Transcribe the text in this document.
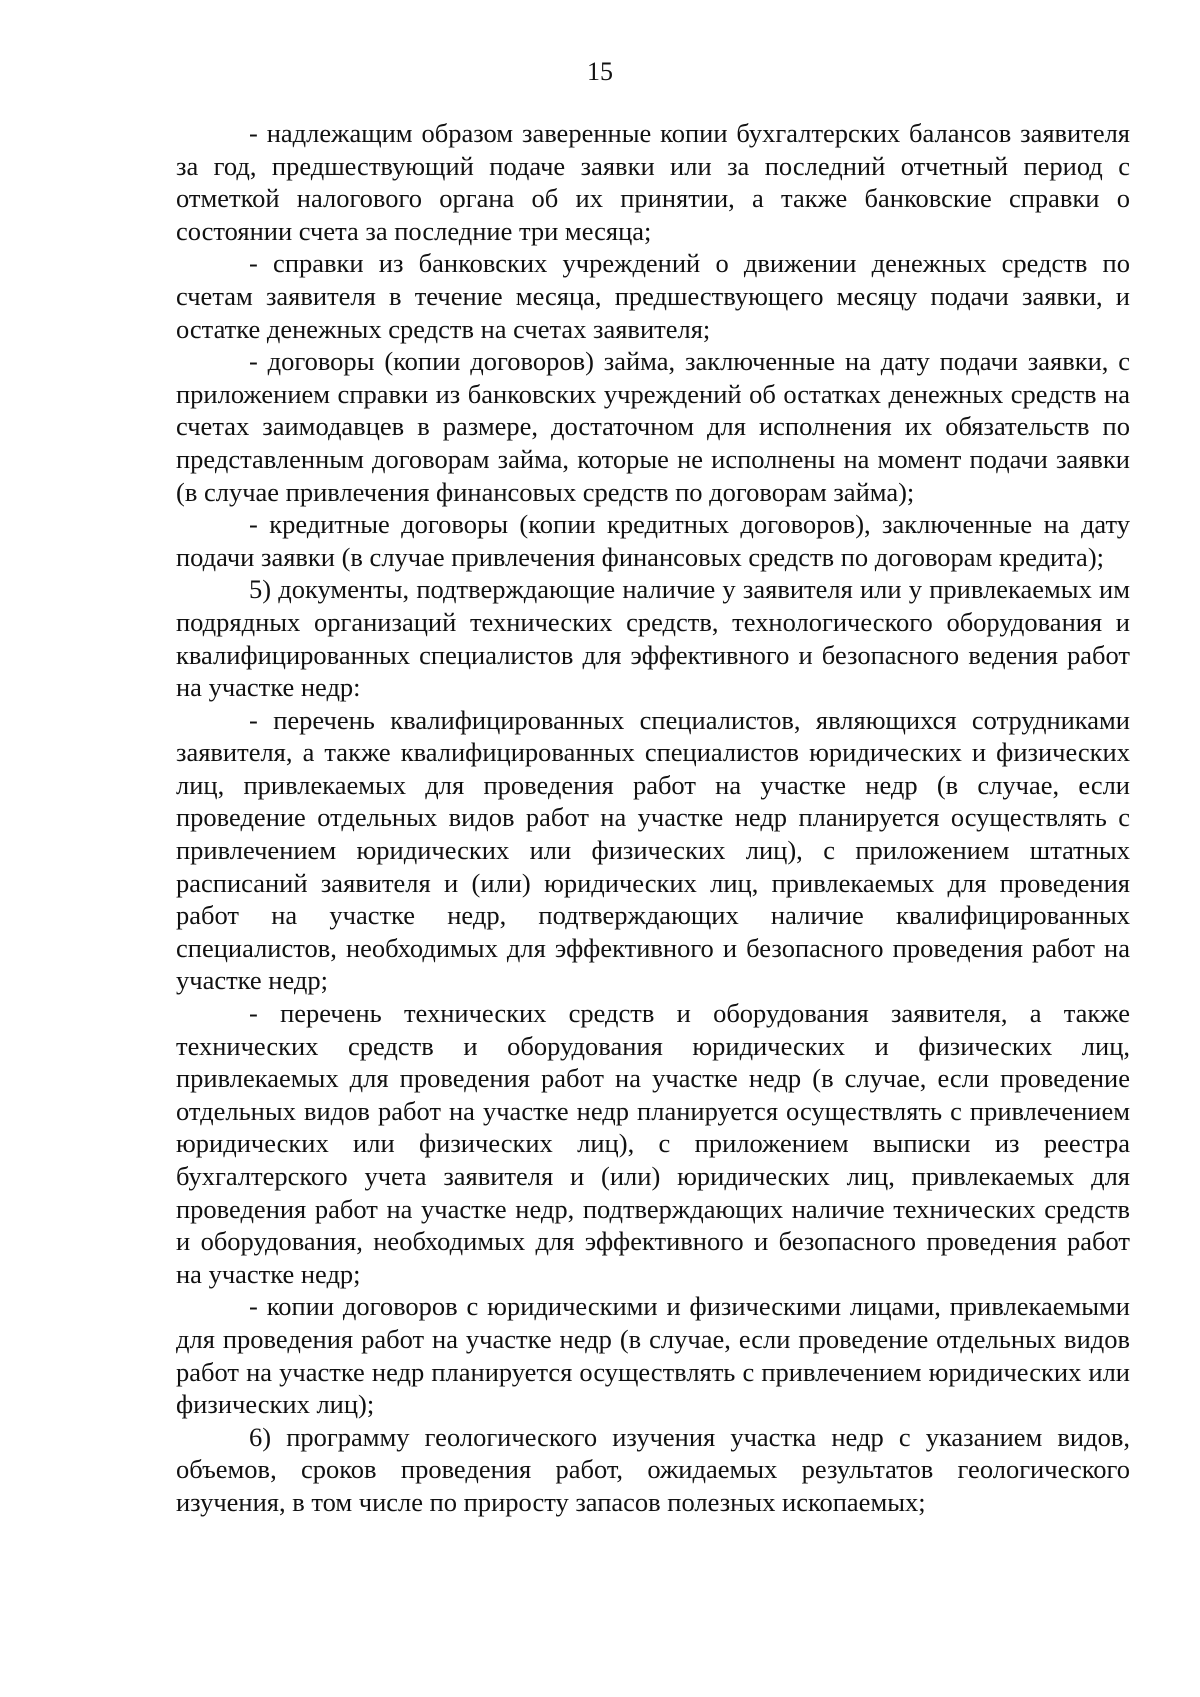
15

- надлежащим образом заверенные копии бухгалтерских балансов заявителя за год, предшествующий подаче заявки или за последний отчетный период с отметкой налогового органа об их принятии, а также банковские справки о состоянии счета за последние три месяца;

- справки из банковских учреждений о движении денежных средств по счетам заявителя в течение месяца, предшествующего месяцу подачи заявки, и остатке денежных средств на счетах заявителя;

- договоры (копии договоров) займа, заключенные на дату подачи заявки, с приложением справки из банковских учреждений об остатках денежных средств на счетах заимодавцев в размере, достаточном для исполнения их обязательств по представленным договорам займа, которые не исполнены на момент подачи заявки (в случае привлечения финансовых средств по договорам займа);

- кредитные договоры (копии кредитных договоров), заключенные на дату подачи заявки (в случае привлечения финансовых средств по договорам кредита);

5) документы, подтверждающие наличие у заявителя или у привлекаемых им подрядных организаций технических средств, технологического оборудования и квалифицированных специалистов для эффективного и безопасного ведения работ на участке недр:

- перечень квалифицированных специалистов, являющихся сотрудниками заявителя, а также квалифицированных специалистов юридических и физических лиц, привлекаемых для проведения работ на участке недр (в случае, если проведение отдельных видов работ на участке недр планируется осуществлять с привлечением юридических или физических лиц), с приложением штатных расписаний заявителя и (или) юридических лиц, привлекаемых для проведения работ на участке недр, подтверждающих наличие квалифицированных специалистов, необходимых для эффективного и безопасного проведения работ на участке недр;

- перечень технических средств и оборудования заявителя, а также технических средств и оборудования юридических и физических лиц, привлекаемых для проведения работ на участке недр (в случае, если проведение отдельных видов работ на участке недр планируется осуществлять с привлечением юридических или физических лиц), с приложением выписки из реестра бухгалтерского учета заявителя и (или) юридических лиц, привлекаемых для проведения работ на участке недр, подтверждающих наличие технических средств и оборудования, необходимых для эффективного и безопасного проведения работ на участке недр;

- копии договоров с юридическими и физическими лицами, привлекаемыми для проведения работ на участке недр (в случае, если проведение отдельных видов работ на участке недр планируется осуществлять с привлечением юридических или физических лиц);

6) программу геологического изучения участка недр с указанием видов, объемов, сроков проведения работ, ожидаемых результатов геологического изучения, в том числе по приросту запасов полезных ископаемых;
